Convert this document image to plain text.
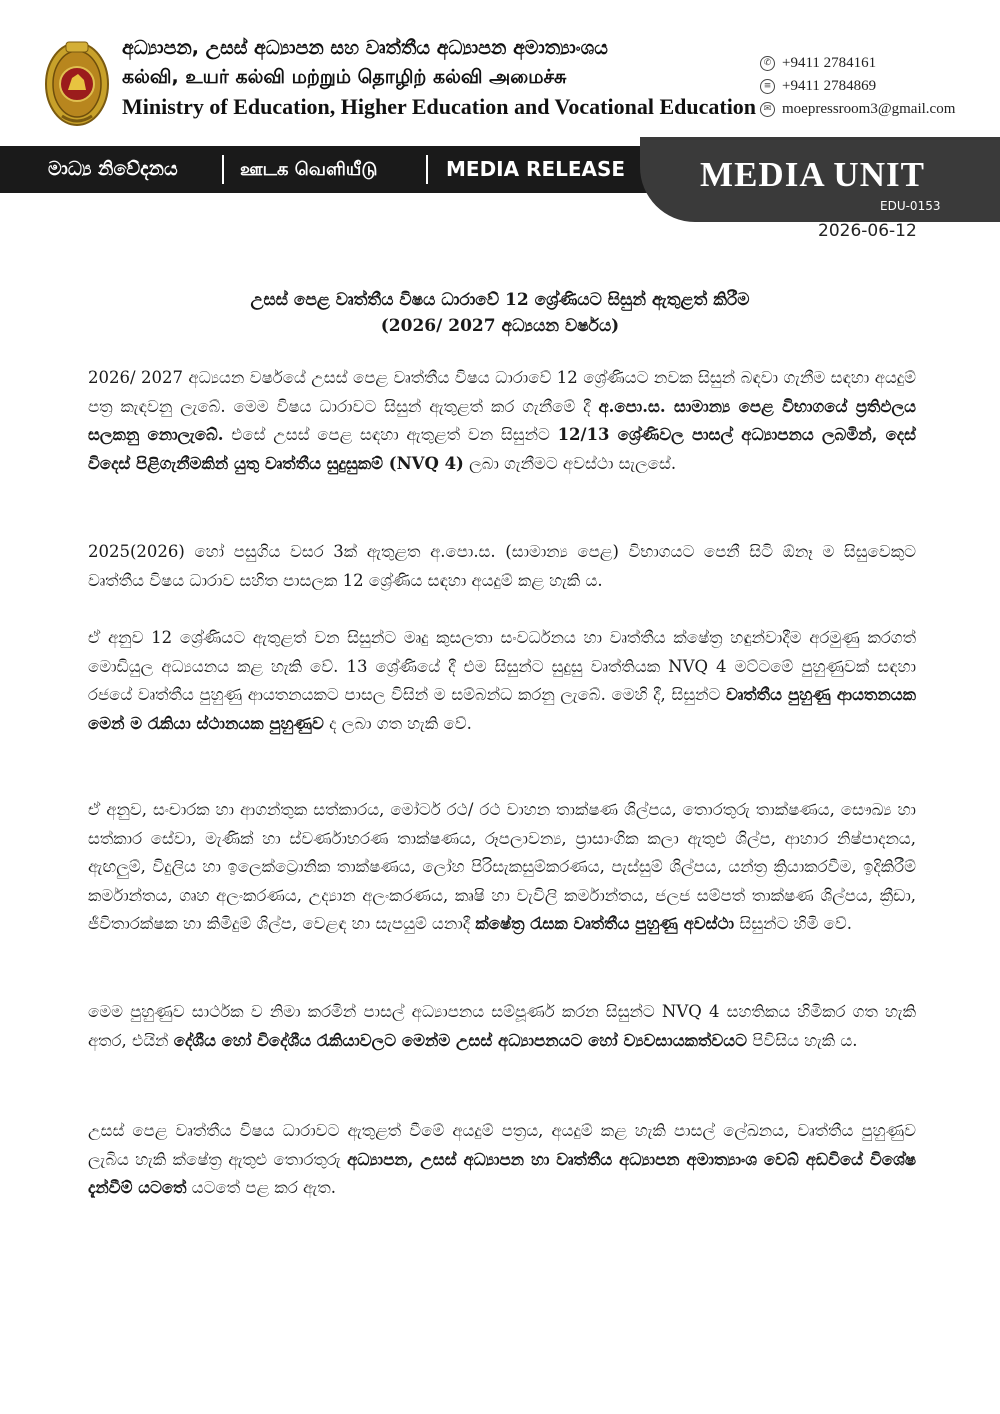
අධ්‍යාපන, උසස් අධ්‍යාපන සහ වෘත්තීය අධ්‍යාපන අමාත්‍යාංශය
கல்வி, உயர் கல்வி மற்றும் தொழிற் கல்வி அமைச்சு
Ministry of Education, Higher Education and Vocational Education
✆ +9411 2784161
≡ +9411 2784869
✉ moepressroom3@gmail.com
මාධ්‍ය නිවේදනය	ஊடக வெளியீடு	MEDIA RELEASE	MEDIA UNIT
EDU-0153
2026-06-12
උසස් පෙළ වෘත්තීය විෂය ධාරාවේ 12 ශ්‍රේණියට සිසුන් ඇතුළත් කිරීම
(2026/ 2027 අධ්‍යයන වර්ෂය)
2026/ 2027 අධ්‍යයන වර්ෂයේ උසස් පෙළ වෘත්තීය විෂය ධාරාවේ 12 ශ්‍රේණියට නවක සිසුන් බඳවා ගැනීම සඳහා අයදුම් පත්‍ර කැඳවනු ලැබේ. මෙම විෂය ධාරාවට සිසුන් ඇතුළත් කර ගැනීමේ දී අ.පො.ස. සාමාන්‍ය පෙළ විභාගයේ ප්‍රතිඵලය සලකනු නොලැබේ. එසේ උසස් පෙළ සඳහා ඇතුළත් වන සිසුන්ට 12/13 ශ්‍රේණිවල පාසල් අධ්‍යාපනය ලබමින්, දෙස් විදෙස් පිළිගැනීමකින් යුතු වෘත්තීය සුදුසුකම් (NVQ 4) ලබා ගැනීමට අවස්ථා සැලසේ.
2025(2026) හෝ පසුගිය වසර 3ක් ඇතුළත අ.පො.ස. (සාමාන්‍ය පෙළ) විභාගයට පෙනී සිටි ඕනෑ ම සිසුවෙකුට වෘත්තීය විෂය ධාරාව සහිත පාසලක 12 ශ්‍රේණිය සඳහා අයදුම් කළ හැකි ය.
ඒ අනුව 12 ශ්‍රේණියට ඇතුළත් වන සිසුන්ට මෘදු කුසලතා සංවර්ධනය හා වෘත්තීය ක්ෂේත්‍ර හඳුන්වාදීම අරමුණු කරගත් මොඩියුල අධ්‍යයනය කළ හැකි වේ. 13 ශ්‍රේණියේ දී එම සිසුන්ට සුදුසු වෘත්තියක NVQ 4 මට්ටමේ පුහුණුවක් සඳහා රජයේ වෘත්තීය පුහුණු ආයතනයකට පාසල විසින් ම සම්බන්ධ කරනු ලැබේ. මෙහි දී, සිසුන්ට වෘත්තීය පුහුණු ආයතනයක මෙන් ම රැකියා ස්ථානයක පුහුණුව ද ලබා ගත හැකි වේ.
ඒ අනුව, සංචාරක හා ආගන්තුක සත්කාරය, මෝටර් රථ/ රථ වාහන තාක්ෂණ ශිල්පය, තොරතුරු තාක්ෂණය, සෞඛ්‍ය හා සත්කාර සේවා, මැණික් හා ස්වර්ණාභරණ තාක්ෂණය, රූපලාවන්‍ය, ප්‍රාසාංගික කලා ඇතුළු ශිල්ප, ආහාර නිෂ්පාදනය, ඇඟලුම්, විදුලිය හා ඉලෙක්ට්‍රොනික තාක්ෂණය, ලෝහ පිරිසැකසුම්කරණය, පැස්සුම් ශිල්පය, යන්ත්‍ර ක්‍රියාකරවීම, ඉදිකිරීම් කර්මාන්තය, ගෘහ අලංකරණය, උද්‍යාන අලංකරණය, කෘෂි හා වැවිලි කර්මාන්තය, ජලජ සම්පත් තාක්ෂණ ශිල්පය, ක්‍රීඩා, ජීවිතාරක්ෂක හා කිමිදුම් ශිල්ප, වෙළඳ හා සැපයුම් යනාදී ක්ෂේත්‍ර රැසක වෘත්තීය පුහුණු අවස්ථා සිසුන්ට හිමි වේ.
මෙම පුහුණුව සාර්ථක ව නිමා කරමින් පාසල් අධ්‍යාපනය සම්පූර්ණ කරන සිසුන්ට NVQ 4 සහතිකය හිමිකර ගත හැකි අතර, එයින් දේශීය හෝ විදේශීය රැකියාවලට මෙන්ම උසස් අධ්‍යාපනයට හෝ ව්‍යවසායකත්වයට පිවිසිය හැකි ය.
උසස් පෙළ වෘත්තීය විෂය ධාරාවට ඇතුළත් වීමේ අයදුම් පත්‍රය, අයදුම් කළ හැකි පාසල් ලේඛනය, වෘත්තීය පුහුණුව ලැබිය හැකි ක්ෂේත්‍ර ඇතුළු තොරතුරු අධ්‍යාපන, උසස් අධ්‍යාපන හා වෘත්තීය අධ්‍යාපන අමාත්‍යාංශ වෙබ් අඩවියේ විශේෂ දැන්වීම් යටතේ යටතේ පළ කර ඇත.
